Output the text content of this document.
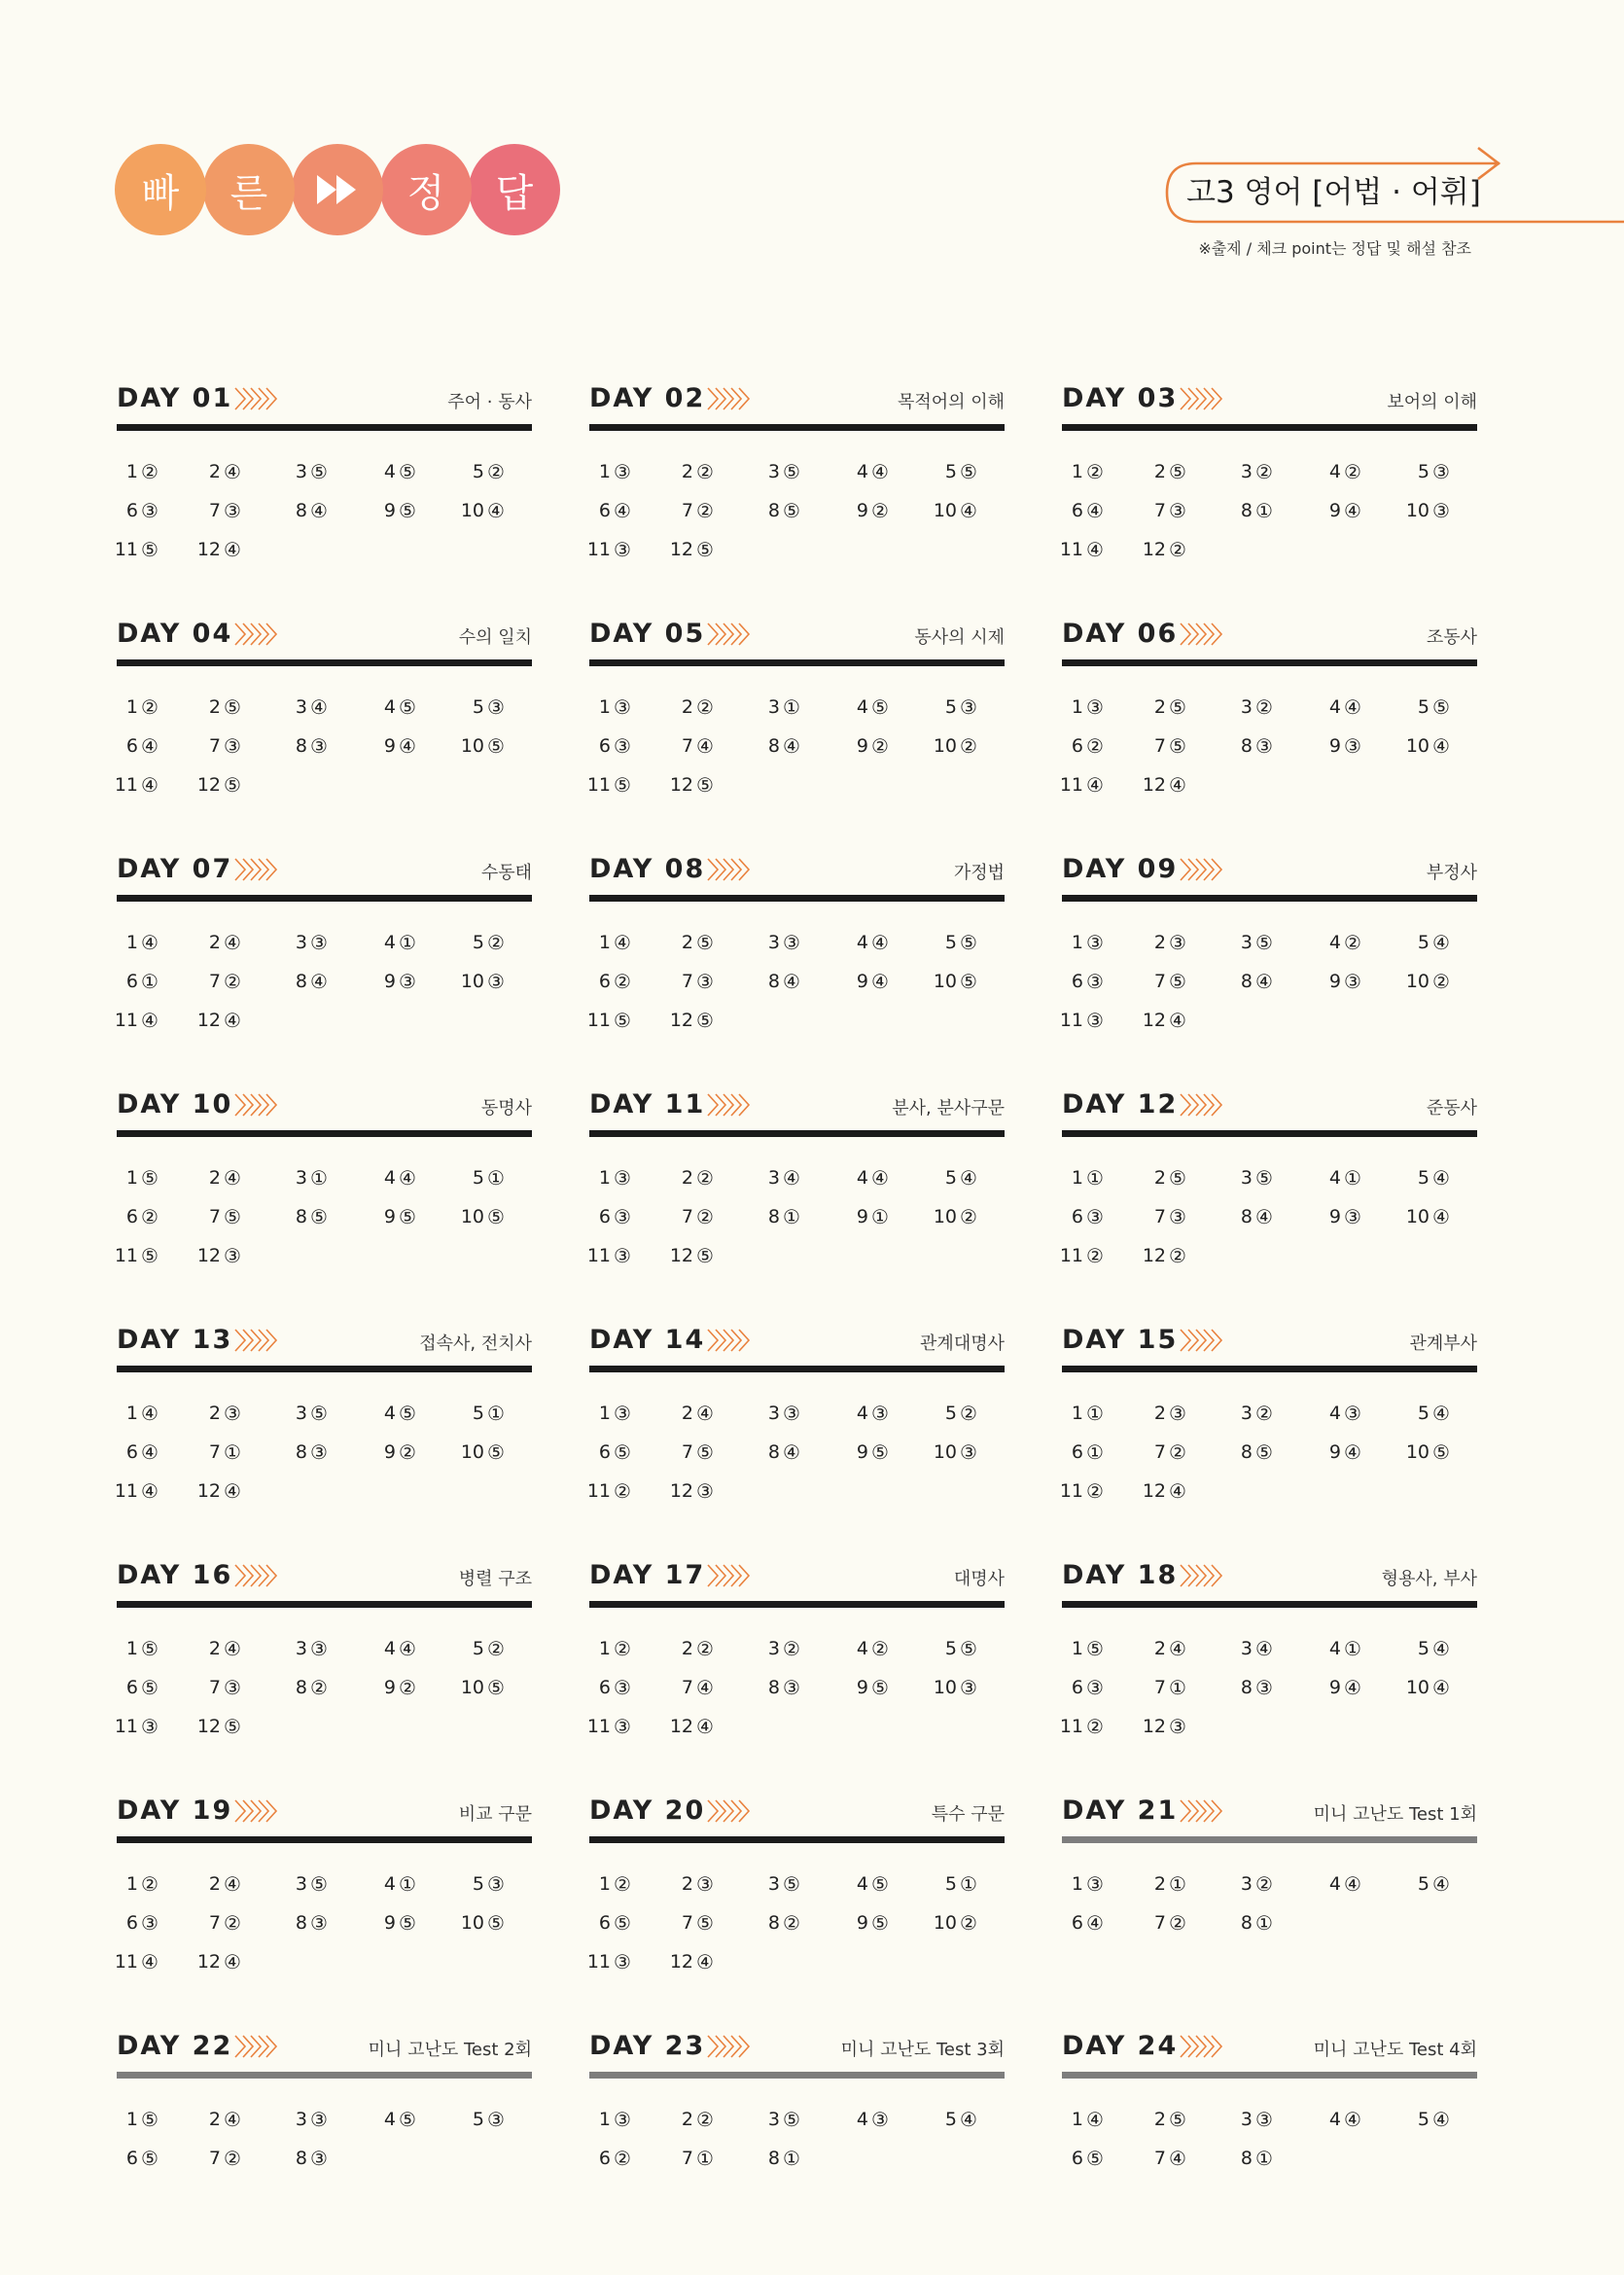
빠	른	정	답	고3 영어 [어법 · 어휘]
※출제 / 체크 point는 정답 및 해설 참조
DAY 01	주어 · 동사
1 ②	2 ④	3 ⑤	4 ⑤	5 ②
6 ③	7 ③	8 ④	9 ⑤	10 ④
11 ⑤	12 ④
DAY 02	목적어의 이해
1 ③	2 ②	3 ⑤	4 ④	5 ⑤
6 ④	7 ②	8 ⑤	9 ②	10 ④
11 ③	12 ⑤
DAY 03	보어의 이해
1 ②	2 ⑤	3 ②	4 ②	5 ③
6 ④	7 ③	8 ①	9 ④	10 ③
11 ④	12 ②
DAY 04	수의 일치
1 ②	2 ⑤	3 ④	4 ⑤	5 ③
6 ④	7 ③	8 ③	9 ④	10 ⑤
11 ④	12 ⑤
DAY 05	동사의 시제
1 ③	2 ②	3 ①	4 ⑤	5 ③
6 ③	7 ④	8 ④	9 ②	10 ②
11 ⑤	12 ⑤
DAY 06	조동사
1 ③	2 ⑤	3 ②	4 ④	5 ⑤
6 ②	7 ⑤	8 ③	9 ③	10 ④
11 ④	12 ④
DAY 07	수동태
1 ④	2 ④	3 ③	4 ①	5 ②
6 ①	7 ②	8 ④	9 ③	10 ③
11 ④	12 ④
DAY 08	가정법
1 ④	2 ⑤	3 ③	4 ④	5 ⑤
6 ②	7 ③	8 ④	9 ④	10 ⑤
11 ⑤	12 ⑤
DAY 09	부정사
1 ③	2 ③	3 ⑤	4 ②	5 ④
6 ③	7 ⑤	8 ④	9 ③	10 ②
11 ③	12 ④
DAY 10	동명사
1 ⑤	2 ④	3 ①	4 ④	5 ①
6 ②	7 ⑤	8 ⑤	9 ⑤	10 ⑤
11 ⑤	12 ③
DAY 11	분사, 분사구문
1 ③	2 ②	3 ④	4 ④	5 ④
6 ③	7 ②	8 ①	9 ①	10 ②
11 ③	12 ⑤
DAY 12	준동사
1 ①	2 ⑤	3 ⑤	4 ①	5 ④
6 ③	7 ③	8 ④	9 ③	10 ④
11 ②	12 ②
DAY 13	접속사, 전치사
1 ④	2 ③	3 ⑤	4 ⑤	5 ①
6 ④	7 ①	8 ③	9 ②	10 ⑤
11 ④	12 ④
DAY 14	관계대명사
1 ③	2 ④	3 ③	4 ③	5 ②
6 ⑤	7 ⑤	8 ④	9 ⑤	10 ③
11 ②	12 ③
DAY 15	관계부사
1 ①	2 ③	3 ②	4 ③	5 ④
6 ①	7 ②	8 ⑤	9 ④	10 ⑤
11 ②	12 ④
DAY 16	병렬 구조
1 ⑤	2 ④	3 ③	4 ④	5 ②
6 ⑤	7 ③	8 ②	9 ②	10 ⑤
11 ③	12 ⑤
DAY 17	대명사
1 ②	2 ②	3 ②	4 ②	5 ⑤
6 ③	7 ④	8 ③	9 ⑤	10 ③
11 ③	12 ④
DAY 18	형용사, 부사
1 ⑤	2 ④	3 ④	4 ①	5 ④
6 ③	7 ①	8 ③	9 ④	10 ④
11 ②	12 ③
DAY 19	비교 구문
1 ②	2 ④	3 ⑤	4 ①	5 ③
6 ③	7 ②	8 ③	9 ⑤	10 ⑤
11 ④	12 ④
DAY 20	특수 구문
1 ②	2 ③	3 ⑤	4 ⑤	5 ①
6 ⑤	7 ⑤	8 ②	9 ⑤	10 ②
11 ③	12 ④
DAY 21	미니 고난도 Test 1회
1 ③	2 ①	3 ②	4 ④	5 ④
6 ④	7 ②	8 ①
DAY 22	미니 고난도 Test 2회
1 ⑤	2 ④	3 ③	4 ⑤	5 ③
6 ⑤	7 ②	8 ③
DAY 23	미니 고난도 Test 3회
1 ③	2 ②	3 ⑤	4 ③	5 ④
6 ②	7 ①	8 ①
DAY 24	미니 고난도 Test 4회
1 ④	2 ⑤	3 ③	4 ④	5 ④
6 ⑤	7 ④	8 ①
